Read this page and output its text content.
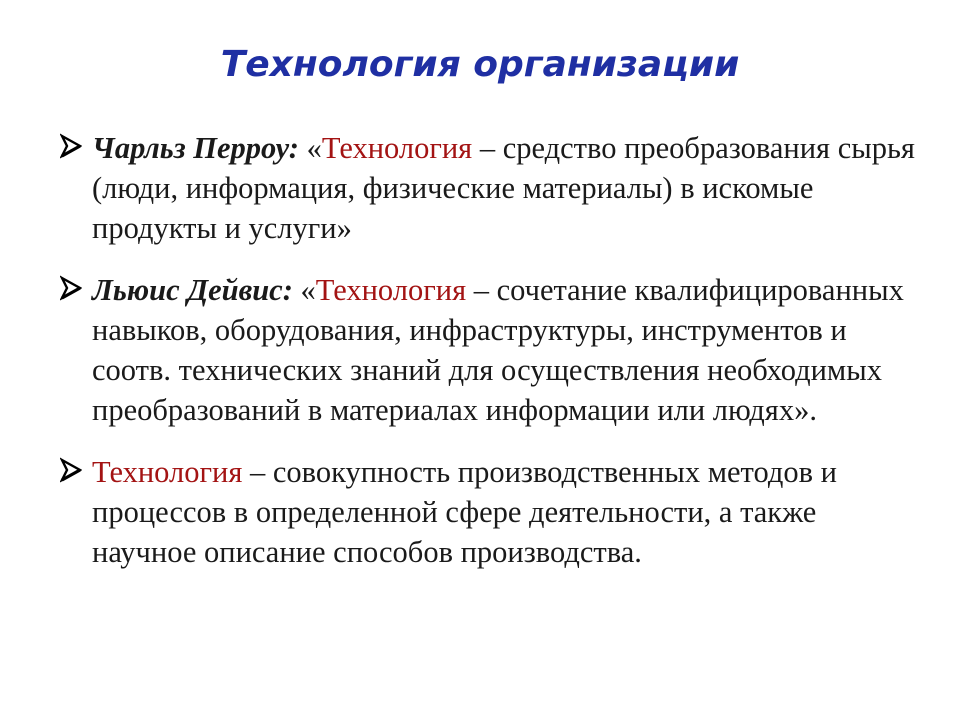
Технология организации
Чарльз Перроу: «Технология – средство преобразования сырья (люди, информация, физические материалы) в искомые продукты и услуги»
Льюис Дейвис: «Технология – сочетание квалифицированных навыков, оборудования, инфраструктуры, инструментов и соотв. технических знаний для осуществления необходимых преобразований в материалах информации или людях».
Технология – совокупность производственных методов и процессов в определенной сфере деятельности, а также научное описание способов производства.
